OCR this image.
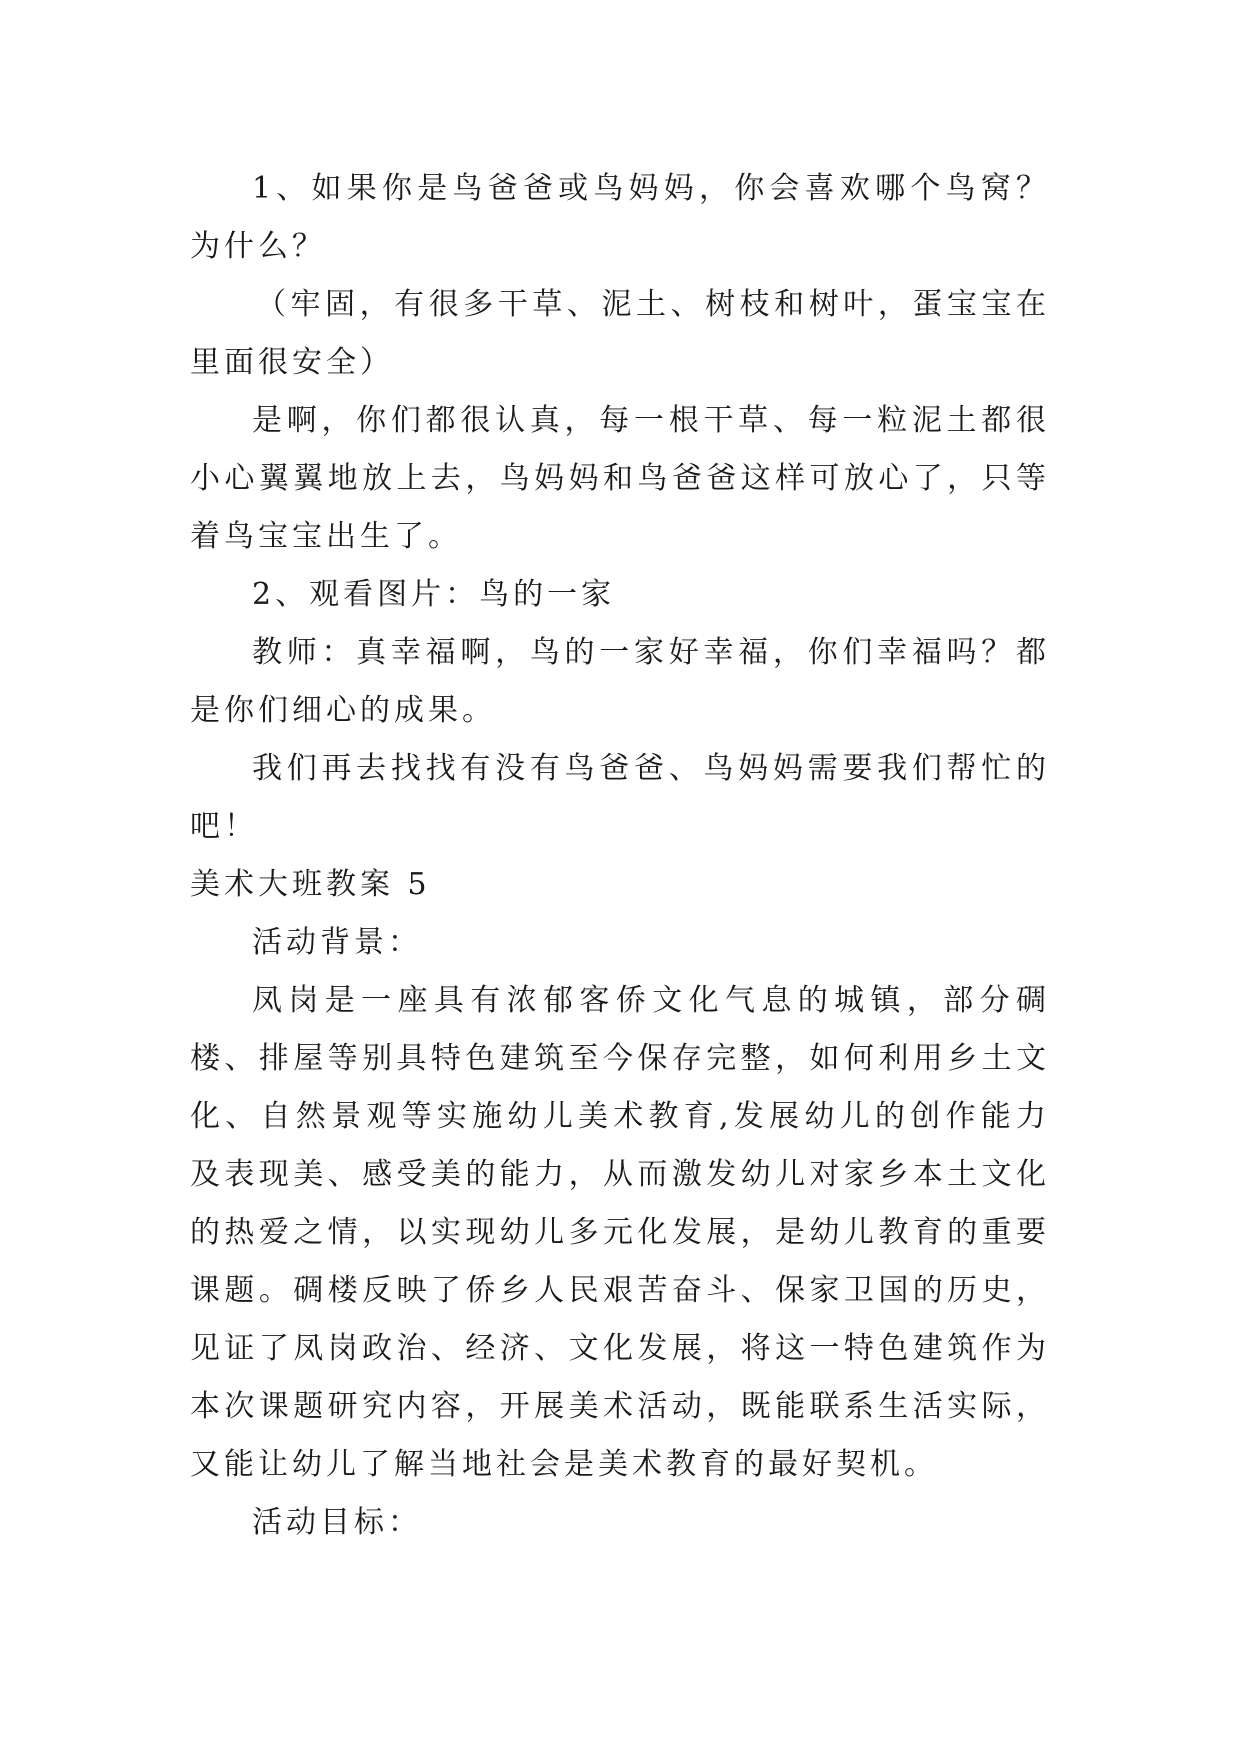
1、如果你是鸟爸爸或鸟妈妈，你会喜欢哪个鸟窝？为什么？

（牢固，有很多干草、泥土、树枝和树叶，蛋宝宝在里面很安全）

是啊，你们都很认真，每一根干草、每一粒泥土都很小心翼翼地放上去，鸟妈妈和鸟爸爸这样可放心了，只等着鸟宝宝出生了。

2、观看图片：鸟的一家

教师：真幸福啊，鸟的一家好幸福，你们幸福吗？都是你们细心的成果。

我们再去找找有没有鸟爸爸、鸟妈妈需要我们帮忙的吧！

美术大班教案 5

活动背景：

凤岗是一座具有浓郁客侨文化气息的城镇，部分碉楼、排屋等别具特色建筑至今保存完整，如何利用乡土文化、自然景观等实施幼儿美术教育,发展幼儿的创作能力及表现美、感受美的能力，从而激发幼儿对家乡本土文化的热爱之情，以实现幼儿多元化发展，是幼儿教育的重要课题。碉楼反映了侨乡人民艰苦奋斗、保家卫国的历史，见证了凤岗政治、经济、文化发展，将这一特色建筑作为本次课题研究内容，开展美术活动，既能联系生活实际，又能让幼儿了解当地社会是美术教育的最好契机。

活动目标：
